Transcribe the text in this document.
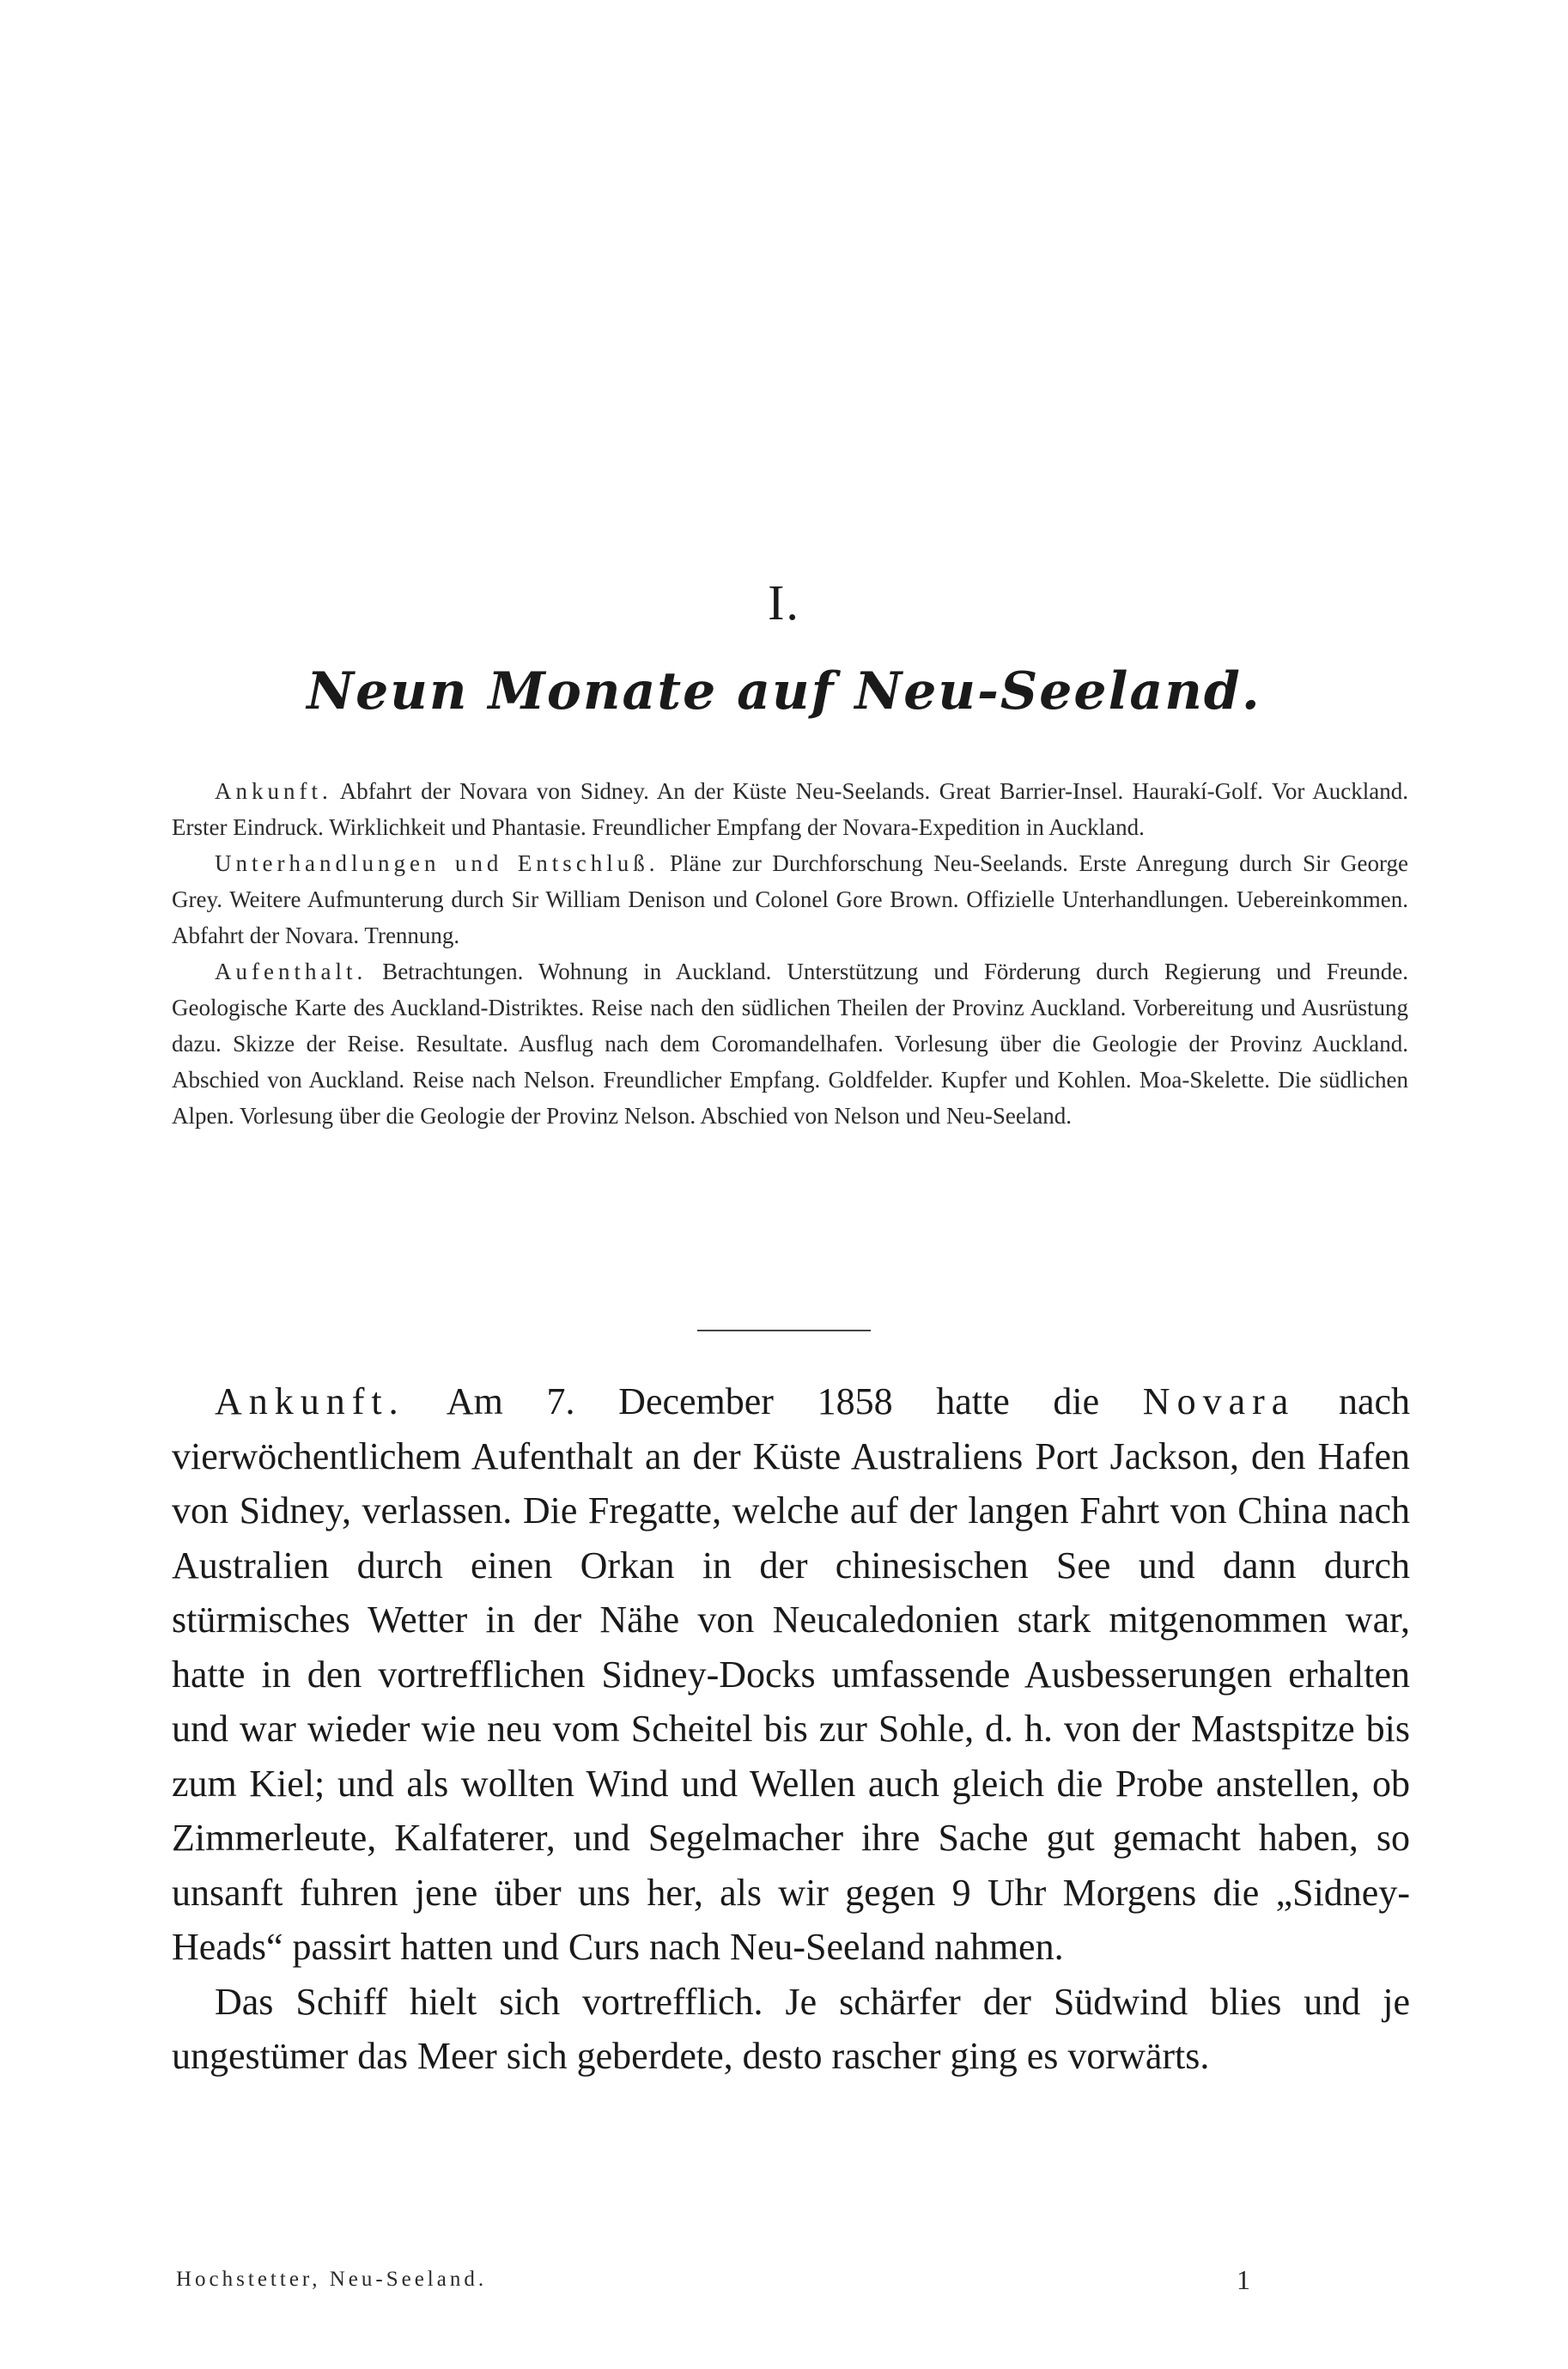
I.
Neun Monate auf Neu-Seeland.

Ankunft. Abfahrt der Novara von Sidney. An der Küste Neu-Seelands. Great Barrier-Insel. Haurakí-Golf. Vor Auckland. Erster Eindruck. Wirklichkeit und Phantasie. Freundlicher Empfang der Novara-Expedition in Auckland.

Unterhandlungen und Entschluß. Pläne zur Durchforschung Neu-Seelands. Erste Anregung durch Sir George Grey. Weitere Aufmunterung durch Sir William Denison und Colonel Gore Brown. Offizielle Unterhandlungen. Uebereinkommen. Abfahrt der Novara. Trennung.

Aufenthalt. Betrachtungen. Wohnung in Auckland. Unterstützung und Förderung durch Regierung und Freunde. Geologische Karte des Auckland-Distriktes. Reise nach den südlichen Theilen der Provinz Auckland. Vorbereitung und Ausrüstung dazu. Skizze der Reise. Resultate. Ausflug nach dem Coromandelhafen. Vorlesung über die Geologie der Provinz Auckland. Abschied von Auckland. Reise nach Nelson. Freundlicher Empfang. Goldfelder. Kupfer und Kohlen. Moa-Skelette. Die südlichen Alpen. Vorlesung über die Geologie der Provinz Nelson. Abschied von Nelson und Neu-Seeland.

Ankunft. Am 7. December 1858 hatte die Novara nach vierwöchentlichem Aufenthalt an der Küste Australiens Port Jackson, den Hafen von Sidney, verlassen. Die Fregatte, welche auf der langen Fahrt von China nach Australien durch einen Orkan in der chinesischen See und dann durch stürmisches Wetter in der Nähe von Neucaledonien stark mitgenommen war, hatte in den vortrefflichen Sidney-Docks umfassende Ausbesserungen erhalten und war wieder wie neu vom Scheitel bis zur Sohle, d. h. von der Mastspitze bis zum Kiel; und als wollten Wind und Wellen auch gleich die Probe anstellen, ob Zimmerleute, Kalfaterer, und Segelmacher ihre Sache gut gemacht haben, so unsanft fuhren jene über uns her, als wir gegen 9 Uhr Morgens die „Sidney-Heads“ passirt hatten und Curs nach Neu-Seeland nahmen.

Das Schiff hielt sich vortrefflich. Je schärfer der Südwind blies und je ungestümer das Meer sich geberdete, desto rascher ging es vorwärts.

Hochstetter, Neu-Seeland.	1
